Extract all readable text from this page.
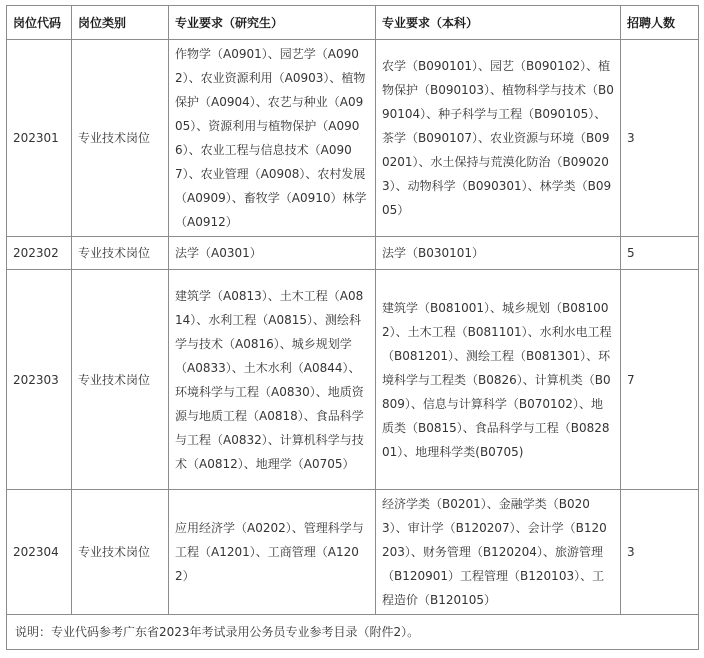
岗位代码	岗位类别	专业要求（研究生）	专业要求（本科）	招聘人数
202301	专业技术岗位	作物学（A0901）、园艺学（A0902）、农业资源利用（A0903）、植物保护（A0904）、农艺与种业（A0905）、资源利用与植物保护（A0906）、农业工程与信息技术（A0907）、农业管理（A0908）、农村发展（A0909）、畜牧学（A0910）林学（A0912）	农学（B090101）、园艺（B090102）、植物保护（B090103）、植物科学与技术（B090104）、种子科学与工程（B090105）、茶学（B090107）、农业资源与环境（B090201）、水土保持与荒漠化防治（B090203）、动物科学（B090301）、林学类（B0905）	3
202302	专业技术岗位	法学（A0301）	法学（B030101）	5
202303	专业技术岗位	建筑学（A0813）、土木工程（A0814）、水利工程（A0815）、测绘科学与技术（A0816）、城乡规划学（A0833）、土木水利（A0844）、环境科学与工程（A0830）、地质资源与地质工程（A0818）、食品科学与工程（A0832）、计算机科学与技术（A0812）、地理学（A0705）	建筑学（B081001）、城乡规划（B081002）、土木工程（B081101）、水利水电工程（B081201）、测绘工程（B081301）、环境科学与工程类（B0826）、计算机类（B0809）、信息与计算科学（B070102）、地质类（B0815）、食品科学与工程（B082801）、地理科学类(B0705)	7
202304	专业技术岗位	应用经济学（A0202）、管理科学与工程（A1201）、工商管理（A1202）	经济学类（B0201）、金融学类（B0203）、审计学（B120207）、会计学（B120203）、财务管理（B120204）、旅游管理（B120901）工程管理（B120103）、工程造价（B120105）	3
说明：专业代码参考广东省2023年考试录用公务员专业参考目录（附件2）。				
